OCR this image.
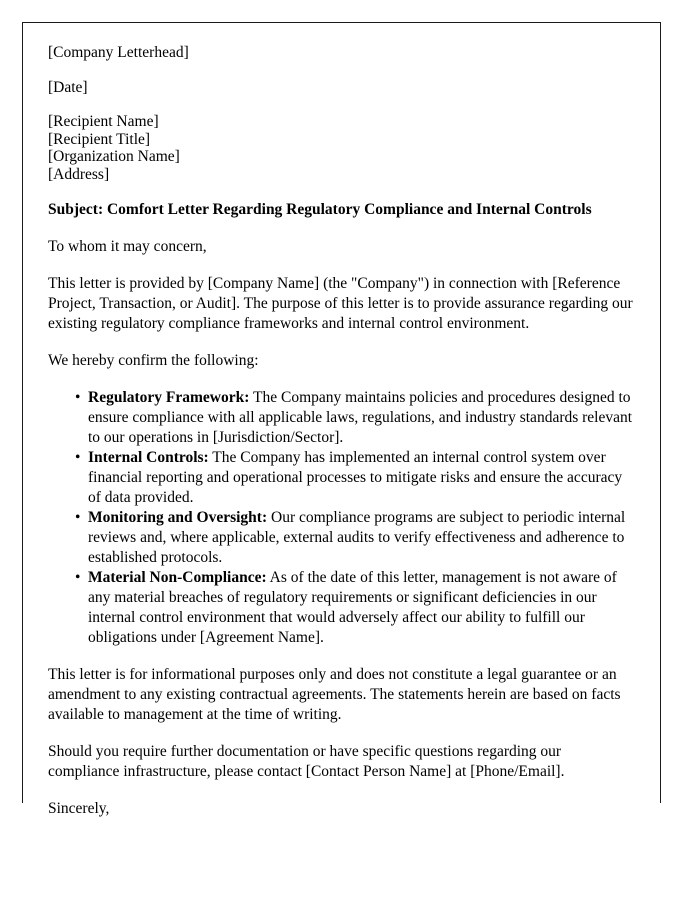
[Company Letterhead]
[Date]
[Recipient Name]
[Recipient Title]
[Organization Name]
[Address]
Subject: Comfort Letter Regarding Regulatory Compliance and Internal Controls
To whom it may concern,
This letter is provided by [Company Name] (the "Company") in connection with [Reference Project, Transaction, or Audit]. The purpose of this letter is to provide assurance regarding our existing regulatory compliance frameworks and internal control environment.
We hereby confirm the following:
• Regulatory Framework: The Company maintains policies and procedures designed to ensure compliance with all applicable laws, regulations, and industry standards relevant to our operations in [Jurisdiction/Sector].
• Internal Controls: The Company has implemented an internal control system over financial reporting and operational processes to mitigate risks and ensure the accuracy of data provided.
• Monitoring and Oversight: Our compliance programs are subject to periodic internal reviews and, where applicable, external audits to verify effectiveness and adherence to established protocols.
• Material Non-Compliance: As of the date of this letter, management is not aware of any material breaches of regulatory requirements or significant deficiencies in our internal control environment that would adversely affect our ability to fulfill our obligations under [Agreement Name].
This letter is for informational purposes only and does not constitute a legal guarantee or an amendment to any existing contractual agreements. The statements herein are based on facts available to management at the time of writing.
Should you require further documentation or have specific questions regarding our compliance infrastructure, please contact [Contact Person Name] at [Phone/Email].
Sincerely,
